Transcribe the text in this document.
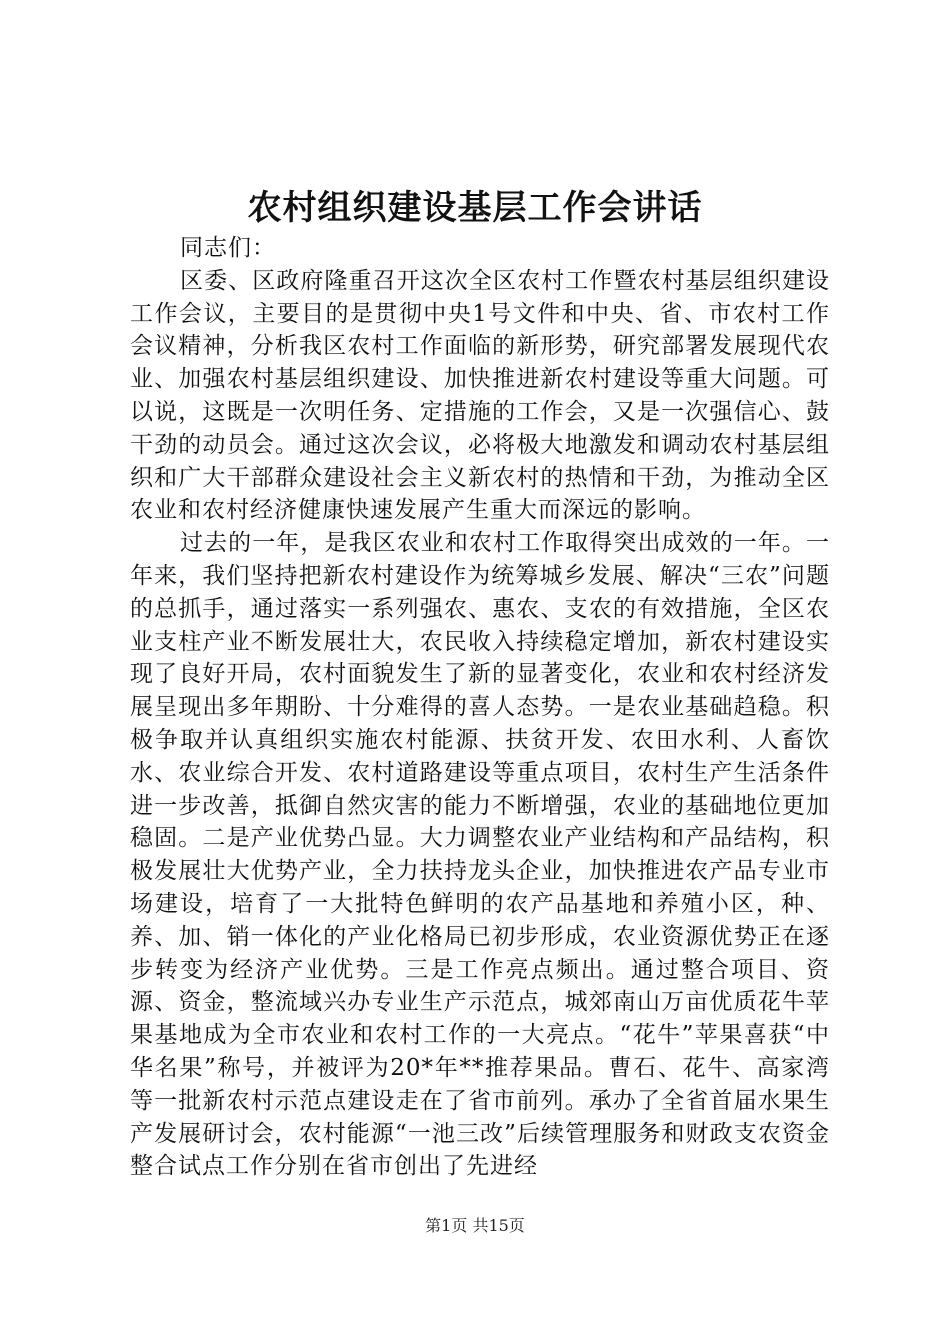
农村组织建设基层工作会讲话

同志们：

区委、区政府隆重召开这次全区农村工作暨农村基层组织建设工作会议，主要目的是贯彻中央1号文件和中央、省、市农村工作会议精神，分析我区农村工作面临的新形势，研究部署发展现代农业、加强农村基层组织建设、加快推进新农村建设等重大问题。可以说，这既是一次明任务、定措施的工作会，又是一次强信心、鼓干劲的动员会。通过这次会议，必将极大地激发和调动农村基层组织和广大干部群众建设社会主义新农村的热情和干劲，为推动全区农业和农村经济健康快速发展产生重大而深远的影响。

过去的一年，是我区农业和农村工作取得突出成效的一年。一年来，我们坚持把新农村建设作为统筹城乡发展、解决“三农”问题的总抓手，通过落实一系列强农、惠农、支农的有效措施，全区农业支柱产业不断发展壮大，农民收入持续稳定增加，新农村建设实现了良好开局，农村面貌发生了新的显著变化，农业和农村经济发展呈现出多年期盼、十分难得的喜人态势。一是农业基础趋稳。积极争取并认真组织实施农村能源、扶贫开发、农田水利、人畜饮水、农业综合开发、农村道路建设等重点项目，农村生产生活条件进一步改善，抵御自然灾害的能力不断增强，农业的基础地位更加稳固。二是产业优势凸显。大力调整农业产业结构和产品结构，积极发展壮大优势产业，全力扶持龙头企业，加快推进农产品专业市场建设，培育了一大批特色鲜明的农产品基地和养殖小区，种、养、加、销一体化的产业化格局已初步形成，农业资源优势正在逐步转变为经济产业优势。三是工作亮点频出。通过整合项目、资源、资金，整流域兴办专业生产示范点，城郊南山万亩优质花牛苹果基地成为全市农业和农村工作的一大亮点。“花牛”苹果喜获“中华名果”称号，并被评为20*年**推荐果品。曹石、花牛、高家湾等一批新农村示范点建设走在了省市前列。承办了全省首届水果生产发展研讨会，农村能源“一池三改”后续管理服务和财政支农资金整合试点工作分别在省市创出了先进经

第1页 共15页
